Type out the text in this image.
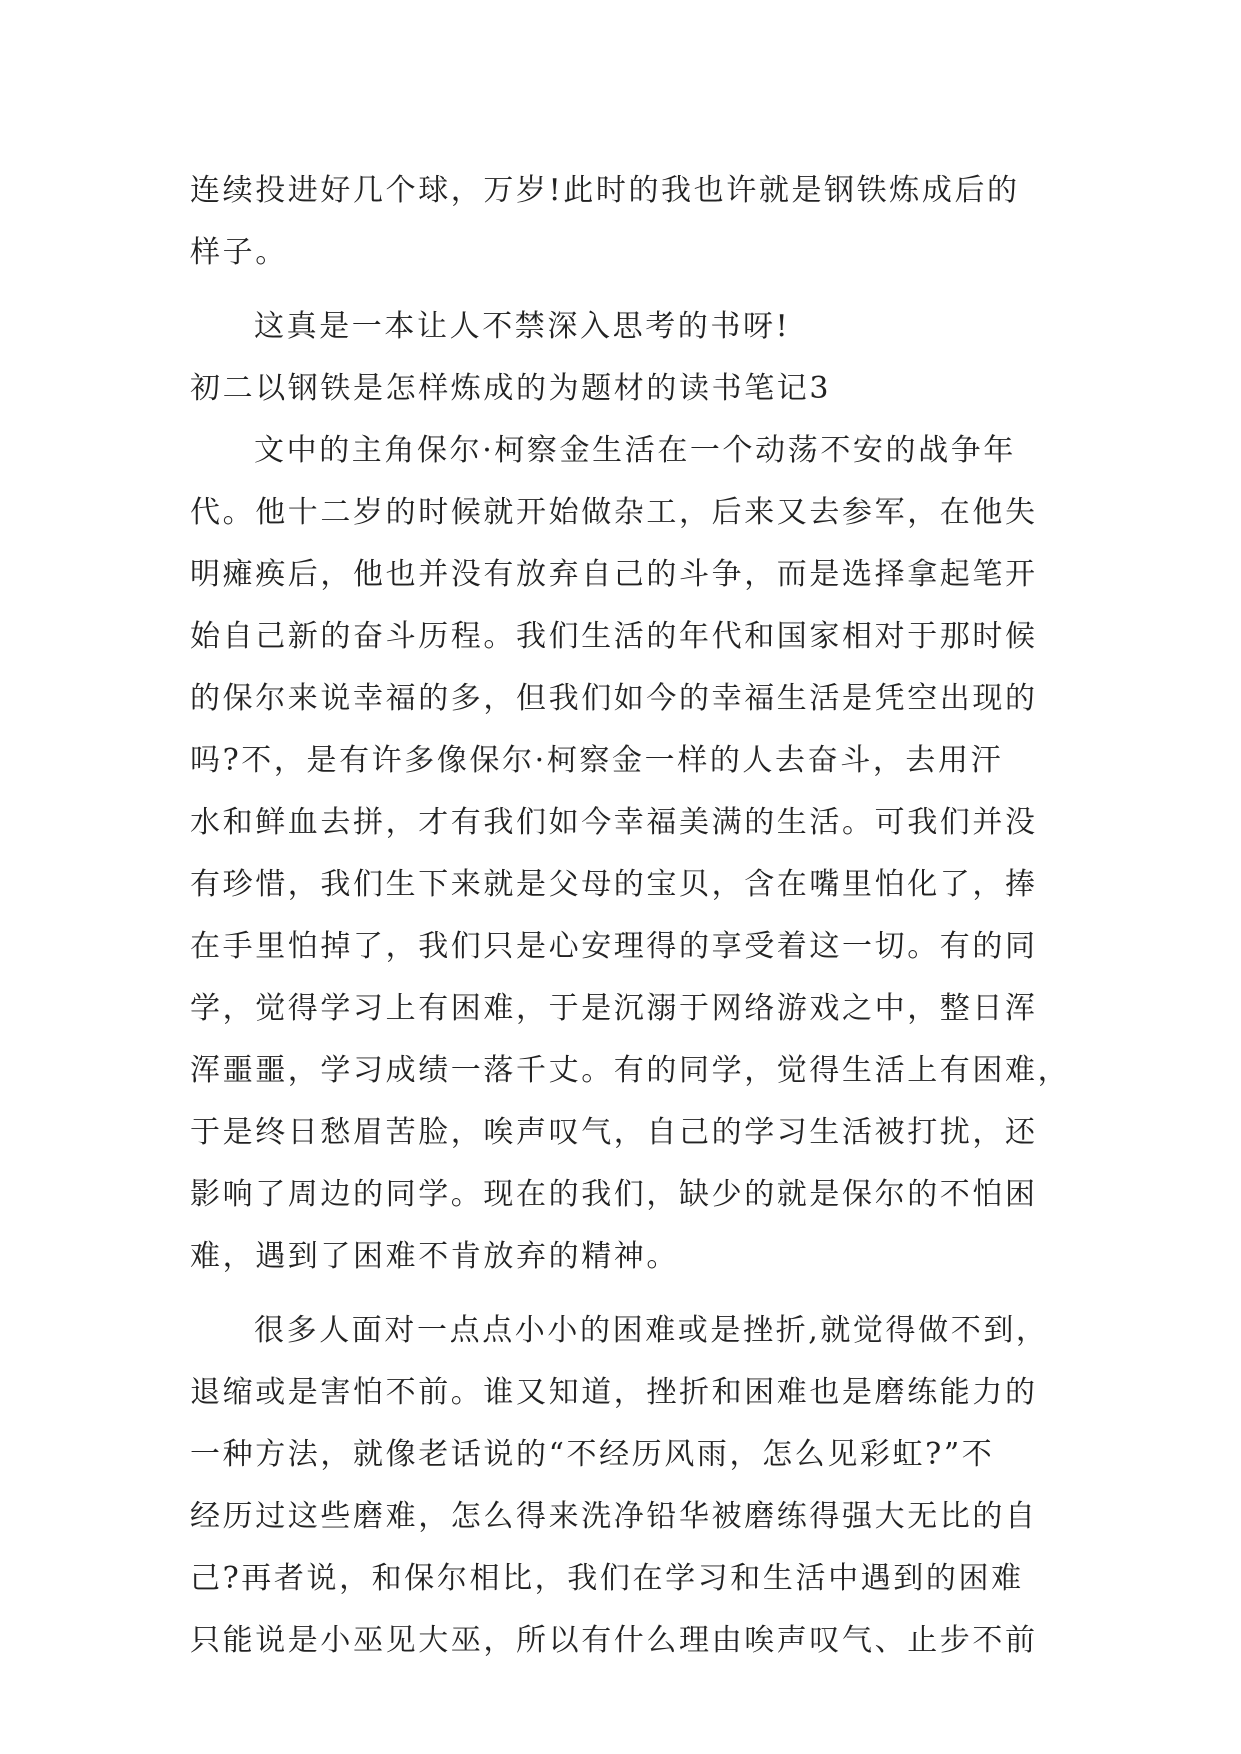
连续投进好几个球，万岁!此时的我也许就是钢铁炼成后的
样子。
这真是一本让人不禁深入思考的书呀!
初二以钢铁是怎样炼成的为题材的读书笔记3
文中的主角保尔·柯察金生活在一个动荡不安的战争年
代。他十二岁的时候就开始做杂工，后来又去参军，在他失
明瘫痪后，他也并没有放弃自己的斗争，而是选择拿起笔开
始自己新的奋斗历程。我们生活的年代和国家相对于那时候
的保尔来说幸福的多，但我们如今的幸福生活是凭空出现的
吗?不，是有许多像保尔·柯察金一样的人去奋斗，去用汗
水和鲜血去拼，才有我们如今幸福美满的生活。可我们并没
有珍惜，我们生下来就是父母的宝贝，含在嘴里怕化了，捧
在手里怕掉了，我们只是心安理得的享受着这一切。有的同
学，觉得学习上有困难，于是沉溺于网络游戏之中，整日浑
浑噩噩，学习成绩一落千丈。有的同学，觉得生活上有困难，
于是终日愁眉苦脸，唉声叹气，自己的学习生活被打扰，还
影响了周边的同学。现在的我们，缺少的就是保尔的不怕困
难，遇到了困难不肯放弃的精神。
很多人面对一点点小小的困难或是挫折,就觉得做不到，
退缩或是害怕不前。谁又知道，挫折和困难也是磨练能力的
一种方法，就像老话说的“不经历风雨，怎么见彩虹?”不
经历过这些磨难，怎么得来洗净铅华被磨练得强大无比的自
己?再者说，和保尔相比，我们在学习和生活中遇到的困难
只能说是小巫见大巫，所以有什么理由唉声叹气、止步不前
